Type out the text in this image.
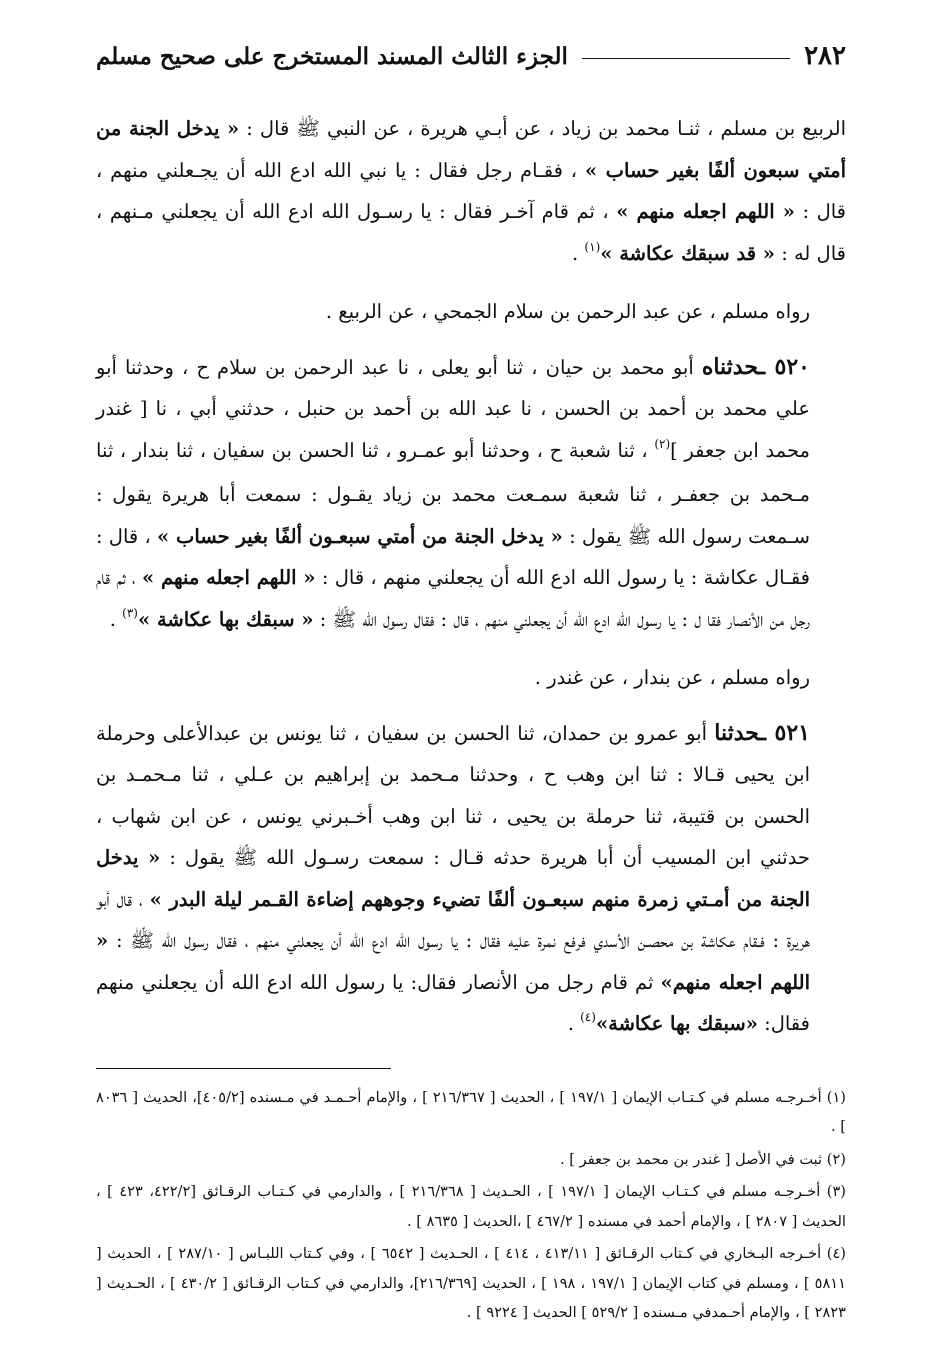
٢٨٢
الجزء الثالث المسند المستخرج على صحيح مسلم

الربيع بن مسلم ، ثنـا محمد بن زياد ، عن أبـي هريرة ، عن النبي ﷺ قال : « يدخل الجنة من أمتي سبعون ألفًا بغير حساب » ، فقـام رجل فقال : يا نبي الله ادع الله أن يجـعلني منهم ، قال : « اللهم اجعله منهم » ، ثم قام آخـر فقال : يا رسـول الله ادع الله أن يجعلني مـنهم ، قال له : « قد سبقك عكاشة »$^{(١)}$ .

رواه مسلم ، عن عبد الرحمن بن سلام الجمحي ، عن الربيع .

٥٢٠ ـحدثناه أبو محمد بن حيان ، ثنا أبو يعلى ، نا عبد الرحمن بن سلام ح ، وحدثنا أبو علي محمد بن أحمد بن الحسن ، نا عبد الله بن أحمد بن حنبل ، حدثني أبي ، نا [ غندر محمد ابن جعفر ]$^{(٢)}$ ، ثنا شعبة ح ، وحدثنا أبو عمـرو ، ثنا الحسن بن سفيان ، ثنا بندار ، ثنا مـحمد بن جعفـر ، ثنا شعبة سمـعت محمد بن زياد يقـول : سمعت أبا هريرة يقول : سـمعت رسول الله ﷺ يقول : « يدخل الجنة من أمتي سبعـون ألفًا بغير حساب » ، قال : فقـال عكاشة : يا رسول الله ادع الله أن يجعلني منهم ، قال : « اللهم اجعله منهم » ، ثم قام رجل من الأنصار فقا ل : يا رسول الله ادع الله أن يجعلني منهم ، قال : فقال رسول الله ﷺ : « سبقك بها عكاشة »$^{(٣)}$ .

رواه مسلم ، عن بندار ، عن غندر .

٥٢١ ـحدثنا أبو عمرو بن حمدان، ثنا الحسن بن سفيان ، ثنا يونس بن عبدالأعلى وحرملة ابن يحيى قـالا : ثنا ابن وهب ح ، وحدثنا مـحمد بن إبراهيم بن عـلي ، ثنا مـحمـد بن الحسن بن قتيبة، ثنا حرملة بن يحيى ، ثنا ابن وهب أخـبرني يونس ، عن ابن شهاب ، حدثني ابن المسيب أن أبا هريرة حدثه قـال : سمعت رسـول الله ﷺ يقول : « يدخل الجنة من أمـتي زمرة منهم سبعـون ألفًا تضيء وجوههم إضاءة القـمر ليلة البدر » ، قال أبو هريرة : فـقام عكاشة بن محصـن الأسدي فرفع نمرة عليه فقال : يا رسول الله ادع الله أن يجعلني منهم ، فقال رسول الله ﷺ : « اللهم اجعله منهم» ثم قام رجل من الأنصار فقال: يا رسول الله ادع الله أن يجعلني منهم فقال: «سبقك بها عكاشة»$^{(٤)}$ .

(١) أخـرجـه مسلم في كـتـاب الإيمان [ ١٩٧/١ ] ، الحديث [ ٢١٦/٣٦٧ ] ، والإمام أحـمـد في مـسنده [٤٠٥/٢]، الحديث [ ٨٠٣٦ ] .

(٢) ثبت في الأصل [ غندر بن محمد بن جعفر ] .

(٣) أخـرجـه مسلم في كـتـاب الإيمان [ ١٩٧/١ ] ، الحـديث [ ٢١٦/٣٦٨ ] ، والدارمي في كـتـاب الرقـائق [٤٢٢/٢، ٤٢٣ ] ، الحديث [ ٢٨٠٧ ] ، والإمام أحمد في مسنده [ ٤٦٧/٢ ] ،الحديث [ ٨٦٣٥ ] .

(٤) أخـرجه البـخاري في كـتاب الرقـائق [ ٤١٣/١١ ، ٤١٤ ] ، الحـديث [ ٦٥٤٢ ] ، وفي كـتاب اللبـاس [ ٢٨٧/١٠ ] ، الحديث [ ٥٨١١ ] ، ومسلم في كتاب الإيمان [ ١٩٧/١ ، ١٩٨ ] ، الحديث [٢١٦/٣٦٩]، والدارمي في كـتاب الرقـائق [ ٤٣٠/٢ ] ، الحـديث [ ٢٨٢٣ ] ، والإمام أحـمدفي مـسنده [ ٥٢٩/٢ ] الحديث [ ٩٢٢٤ ] .
